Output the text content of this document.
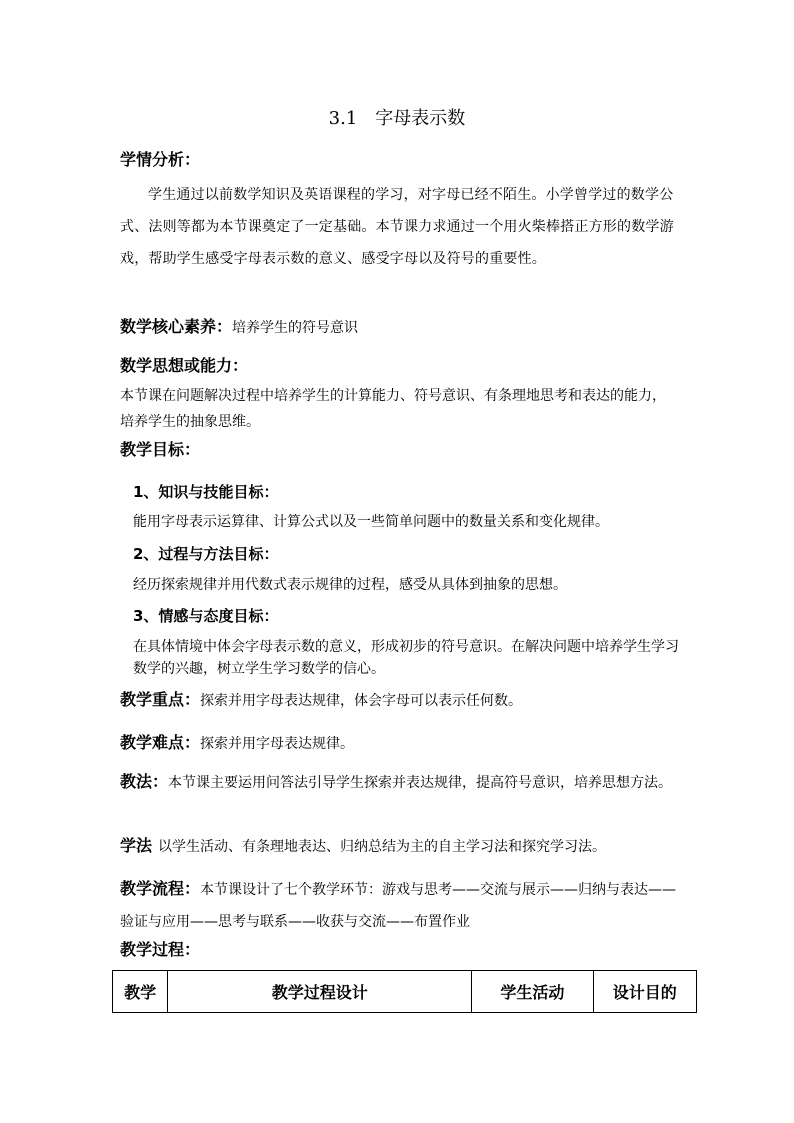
3.1　字母表示数
学情分析：
学生通过以前数学知识及英语课程的学习，对字母已经不陌生。小学曾学过的数学公式、法则等都为本节课奠定了一定基础。本节课力求通过一个用火柴棒搭正方形的数学游戏，帮助学生感受字母表示数的意义、感受字母以及符号的重要性。
数学核心素养：培养学生的符号意识
数学思想或能力：
本节课在问题解决过程中培养学生的计算能力、符号意识、有条理地思考和表达的能力，培养学生的抽象思维。
教学目标：
1、知识与技能目标：
能用字母表示运算律、计算公式以及一些简单问题中的数量关系和变化规律。
2、过程与方法目标：
经历探索规律并用代数式表示规律的过程，感受从具体到抽象的思想。
3、情感与态度目标：
在具体情境中体会字母表示数的意义，形成初步的符号意识。在解决问题中培养学生学习数学的兴趣，树立学生学习数学的信心。
教学重点：探索并用字母表达规律，体会字母可以表示任何数。
教学难点：探索并用字母表达规律。
教法：本节课主要运用问答法引导学生探索并表达规律，提高符号意识，培养思想方法。
学法 以学生活动、有条理地表达、归纳总结为主的自主学习法和探究学习法。
教学流程：本节课设计了七个教学环节：游戏与思考——交流与展示——归纳与表达——验证与应用——思考与联系——收获与交流——布置作业
教学过程：
教学	教学过程设计	学生活动	设计目的
